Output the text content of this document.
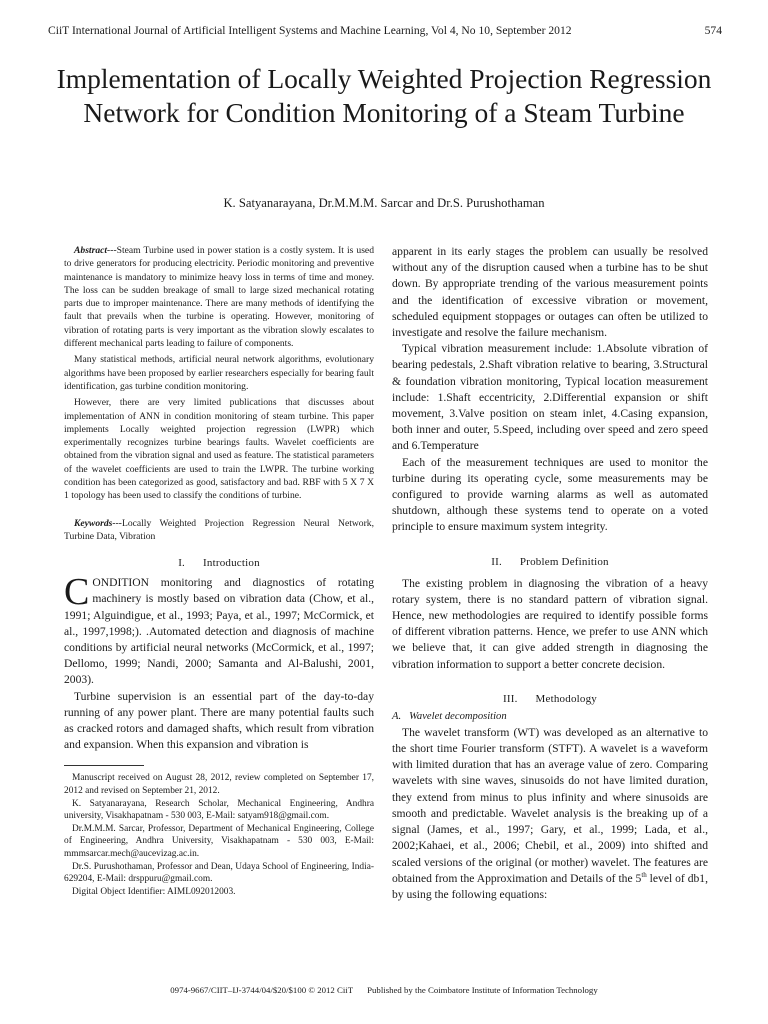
CiiT International Journal of Artificial Intelligent Systems and Machine Learning, Vol 4, No 10, September 2012	574
Implementation of Locally Weighted Projection Regression Network for Condition Monitoring of a Steam Turbine
K. Satyanarayana, Dr.M.M.M. Sarcar and Dr.S. Purushothaman

Abstract---Steam Turbine used in power station is a costly system. It is used to drive generators for producing electricity. Periodic monitoring and preventive maintenance is mandatory to minimize heavy loss in terms of time and money. The loss can be sudden breakage of small to large sized mechanical rotating parts due to improper maintenance. There are many methods of identifying the fault that prevails when the turbine is operating. However, monitoring of vibration of rotating parts is very important as the vibration slowly escalates to different mechanical parts leading to failure of components.

Many statistical methods, artificial neural network algorithms, evolutionary algorithms have been proposed by earlier researchers especially for bearing fault identification, gas turbine condition monitoring.

However, there are very limited publications that discusses about implementation of ANN in condition monitoring of steam turbine. This paper implements Locally weighted projection regression (LWPR) which experimentally recognizes turbine bearings faults. Wavelet coefficients are obtained from the vibration signal and used as feature. The statistical parameters of the wavelet coefficients are used to train the LWPR. The turbine working condition has been categorized as good, satisfactory and bad. RBF with 5 X 7 X 1 topology has been used to classify the conditions of turbine.

Keywords---Locally Weighted Projection Regression Neural Network, Turbine Data, Vibration

I. Introduction

CONDITION monitoring and diagnostics of rotating machinery is mostly based on vibration data (Chow, et al., 1991; Alguindigue, et al., 1993; Paya, et al., 1997; McCormick, et al., 1997,1998;). .Automated detection and diagnosis of machine conditions by artificial neural networks (McCormick, et al., 1997; Dellomo, 1999; Nandi, 2000; Samanta and Al-Balushi, 2001, 2003).

Turbine supervision is an essential part of the day-to-day running of any power plant. There are many potential faults such as cracked rotors and damaged shafts, which result from vibration and expansion. When this expansion and vibration is

Manuscript received on August 28, 2012, review completed on September 17, 2012 and revised on September 21, 2012.

K. Satyanarayana, Research Scholar, Mechanical Engineering, Andhra university, Visakhapatnam - 530 003, E-Mail: satyam918@gmail.com.

Dr.M.M.M. Sarcar, Professor, Department of Mechanical Engineering, College of Engineering, Andhra University, Visakhapatnam - 530 003, E-Mail: mmmsarcar.mech@aucevizag.ac.in.

Dr.S. Purushothaman, Professor and Dean, Udaya School of Engineering, India-629204, E-Mail: drsppuru@gmail.com.

Digital Object Identifier: AIML092012003.

apparent in its early stages the problem can usually be resolved without any of the disruption caused when a turbine has to be shut down. By appropriate trending of the various measurement points and the identification of excessive vibration or movement, scheduled equipment stoppages or outages can often be utilized to investigate and resolve the failure mechanism.

Typical vibration measurement include: 1.Absolute vibration of bearing pedestals, 2.Shaft vibration relative to bearing, 3.Structural & foundation vibration monitoring, Typical location measurement include: 1.Shaft eccentricity, 2.Differential expansion or shift movement, 3.Valve position on steam inlet, 4.Casing expansion, both inner and outer, 5.Speed, including over speed and zero speed and 6.Temperature

Each of the measurement techniques are used to monitor the turbine during its operating cycle, some measurements may be configured to provide warning alarms as well as automated shutdown, although these systems tend to operate on a voted principle to ensure maximum system integrity.

II. Problem Definition

The existing problem in diagnosing the vibration of a heavy rotary system, there is no standard pattern of vibration signal. Hence, new methodologies are required to identify possible forms of different vibration patterns. Hence, we prefer to use ANN which we believe that, it can give added strength in diagnosing the vibration information to support a better concrete decision.

III. Methodology
A. Wavelet decomposition

The wavelet transform (WT) was developed as an alternative to the short time Fourier transform (STFT). A wavelet is a waveform with limited duration that has an average value of zero. Comparing wavelets with sine waves, sinusoids do not have limited duration, they extend from minus to plus infinity and where sinusoids are smooth and predictable. Wavelet analysis is the breaking up of a signal (James, et al., 1997; Gary, et al., 1999; Lada, et al., 2002;Kahaei, et al., 2006; Chebil, et al., 2009) into shifted and scaled versions of the original (or mother) wavelet. The features are obtained from the Approximation and Details of the 5th level of db1, by using the following equations:

0974-9667/CIIT–IJ-3744/04/$20/$100 © 2012 CiiT Published by the Coimbatore Institute of Information Technology
